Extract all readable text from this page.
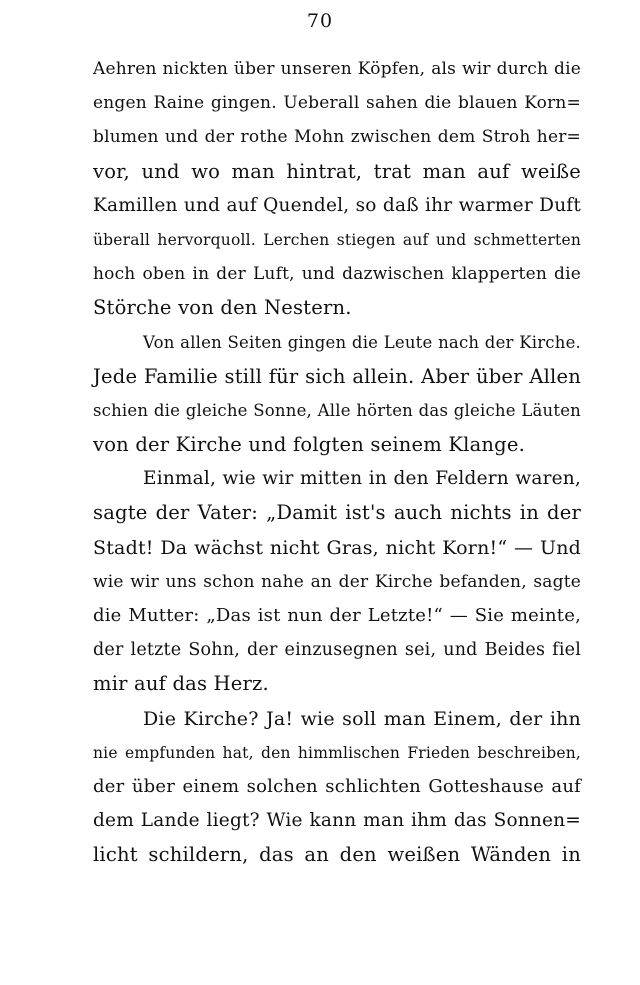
70
Aehren nickten über unseren Köpfen, als wir durch die
engen Raine gingen. Ueberall sahen die blauen Korn=
blumen und der rothe Mohn zwischen dem Stroh her=
vor, und wo man hintrat, trat man auf weiße
Kamillen und auf Quendel, so daß ihr warmer Duft
überall hervorquoll. Lerchen stiegen auf und schmetterten
hoch oben in der Luft, und dazwischen klapperten die
Störche von den Nestern.
Von allen Seiten gingen die Leute nach der Kirche.
Jede Familie still für sich allein. Aber über Allen
schien die gleiche Sonne, Alle hörten das gleiche Läuten
von der Kirche und folgten seinem Klange.
Einmal, wie wir mitten in den Feldern waren,
sagte der Vater: „Damit ist's auch nichts in der
Stadt! Da wächst nicht Gras, nicht Korn!“ — Und
wie wir uns schon nahe an der Kirche befanden, sagte
die Mutter: „Das ist nun der Letzte!“ — Sie meinte,
der letzte Sohn, der einzusegnen sei, und Beides fiel
mir auf das Herz.
Die Kirche? Ja! wie soll man Einem, der ihn
nie empfunden hat, den himmlischen Frieden beschreiben,
der über einem solchen schlichten Gotteshause auf
dem Lande liegt? Wie kann man ihm das Sonnen=
licht schildern, das an den weißen Wänden in
